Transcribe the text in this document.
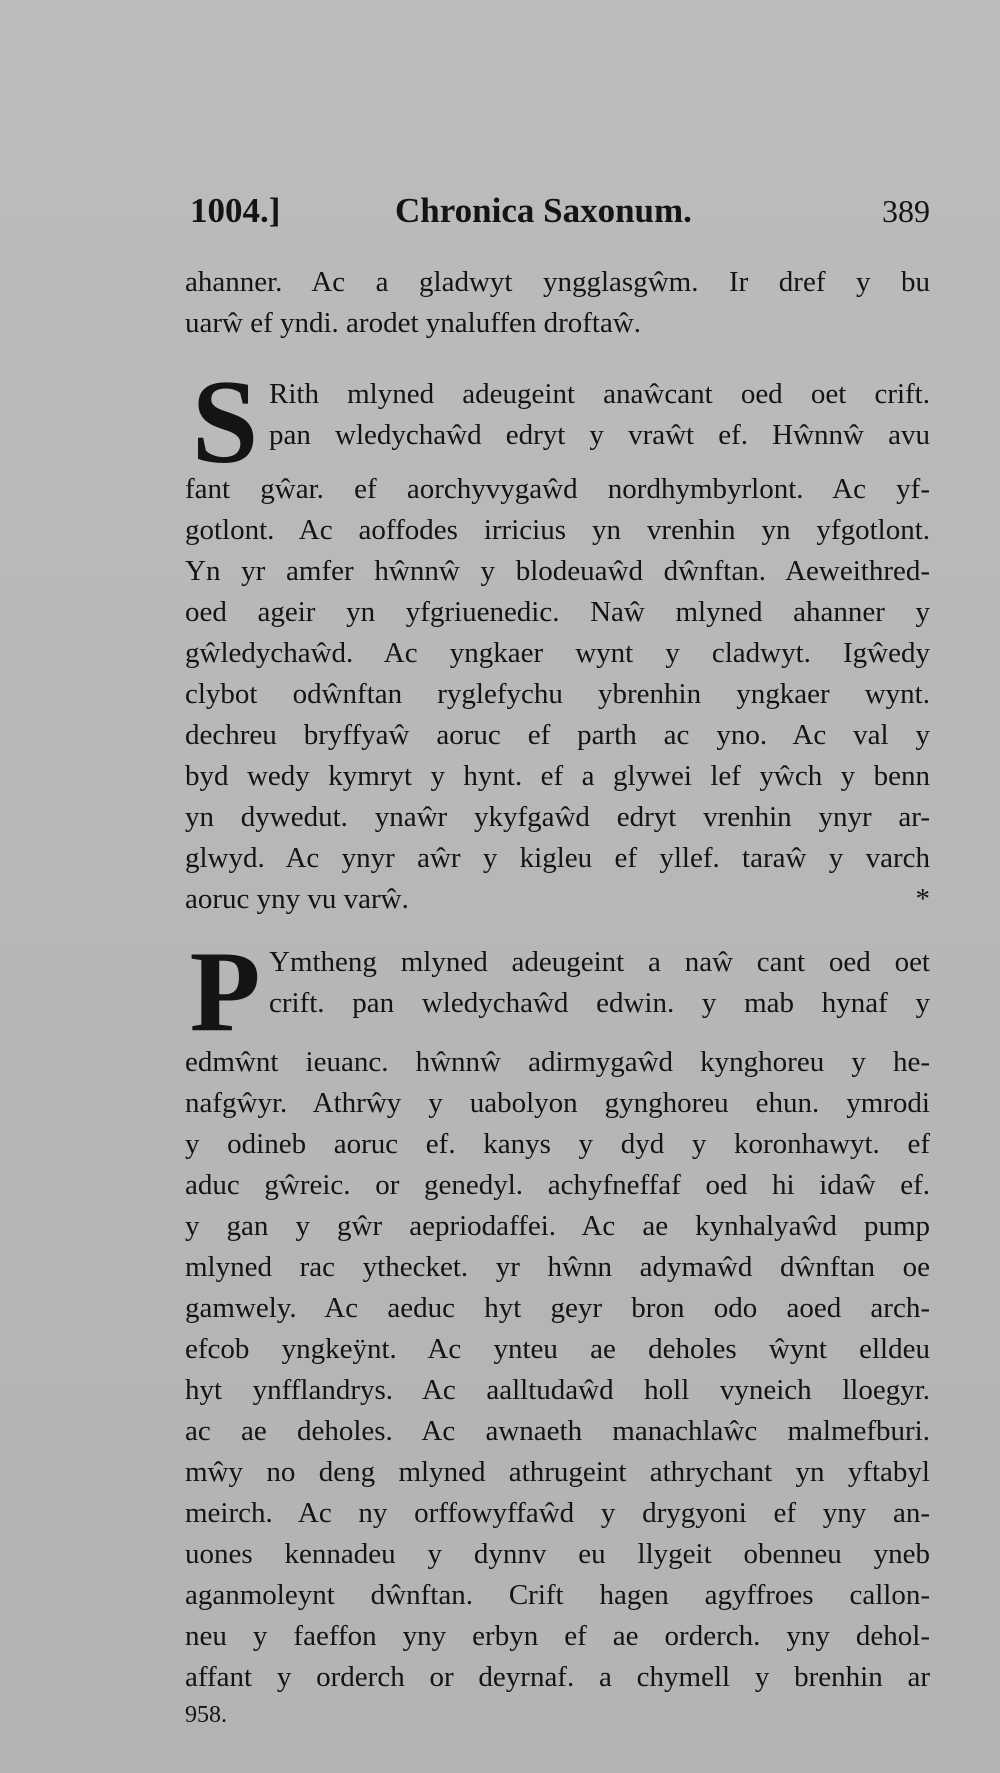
1004.]	Chronica Saxonum.	389
ahanner. Ac a gladwyt yngglasgŵm. Ir dref y bu
uarŵ ef yndi. arodet ynaluffen droftaŵ.
S Rith mlyned adeugeint anaŵcant oed oet crift.
pan wledychaŵd edryt y vraŵt ef. Hŵnnŵ avu
fant gŵar. ef aorchyvygaŵd nordhymbyrlont. Ac yf-
gotlont. Ac aoffodes irricius yn vrenhin yn yfgotlont.
Yn yr amfer hŵnnŵ y blodeuaŵd dŵnftan. Aeweithred-
oed ageir yn yfgriuenedic. Naŵ mlyned ahanner y
gŵledychaŵd. Ac yngkaer wynt y cladwyt. Igŵedy
clybot odŵnftan ryglefychu ybrenhin yngkaer wynt.
dechreu bryffyaŵ aoruc ef parth ac yno. Ac val y
byd wedy kymryt y hynt. ef a glywei lef yŵch y benn
yn dywedut. ynaŵr ykyfgaŵd edryt vrenhin ynyr ar-
glwyd. Ac ynyr aŵr y kigleu ef yllef. taraŵ y varch
aoruc yny vu varŵ.	*
P Ymtheng mlyned adeugeint a naŵ cant oed oet
crift. pan wledychaŵd edwin. y mab hynaf y
edmŵnt ieuanc. hŵnnŵ adirmygaŵd kynghoreu y he-
nafgŵyr. Athrŵy y uabolyon gynghoreu ehun. ymrodi
y odineb aoruc ef. kanys y dyd y koronhawyt. ef
aduc gŵreic. or genedyl. achyfneffaf oed hi idaŵ ef.
y gan y gŵr aepriodaffei. Ac ae kynhalyaŵd pump
mlyned rac ythecket. yr hŵnn adymaŵd dŵnftan oe
gamwely. Ac aeduc hyt geyr bron odo aoed arch-
efcob yngkeÿnt. Ac ynteu ae deholes ŵynt elldeu
hyt ynfflandrys. Ac aalltudaŵd holl vyneich lloegyr.
ac ae deholes. Ac awnaeth manachlaŵc malmefburi.
mŵy no deng mlyned athrugeint athrychant yn yftabyl
meirch. Ac ny orffowyffaŵd y drygyoni ef yny an-
uones kennadeu y dynnv eu llygeit obenneu yneb
aganmoleynt dŵnftan. Crift hagen agyffroes callon-
neu y faeffon yny erbyn ef ae orderch. yny dehol-
affant y orderch or deyrnaf. a chymell y brenhin ar
958.
